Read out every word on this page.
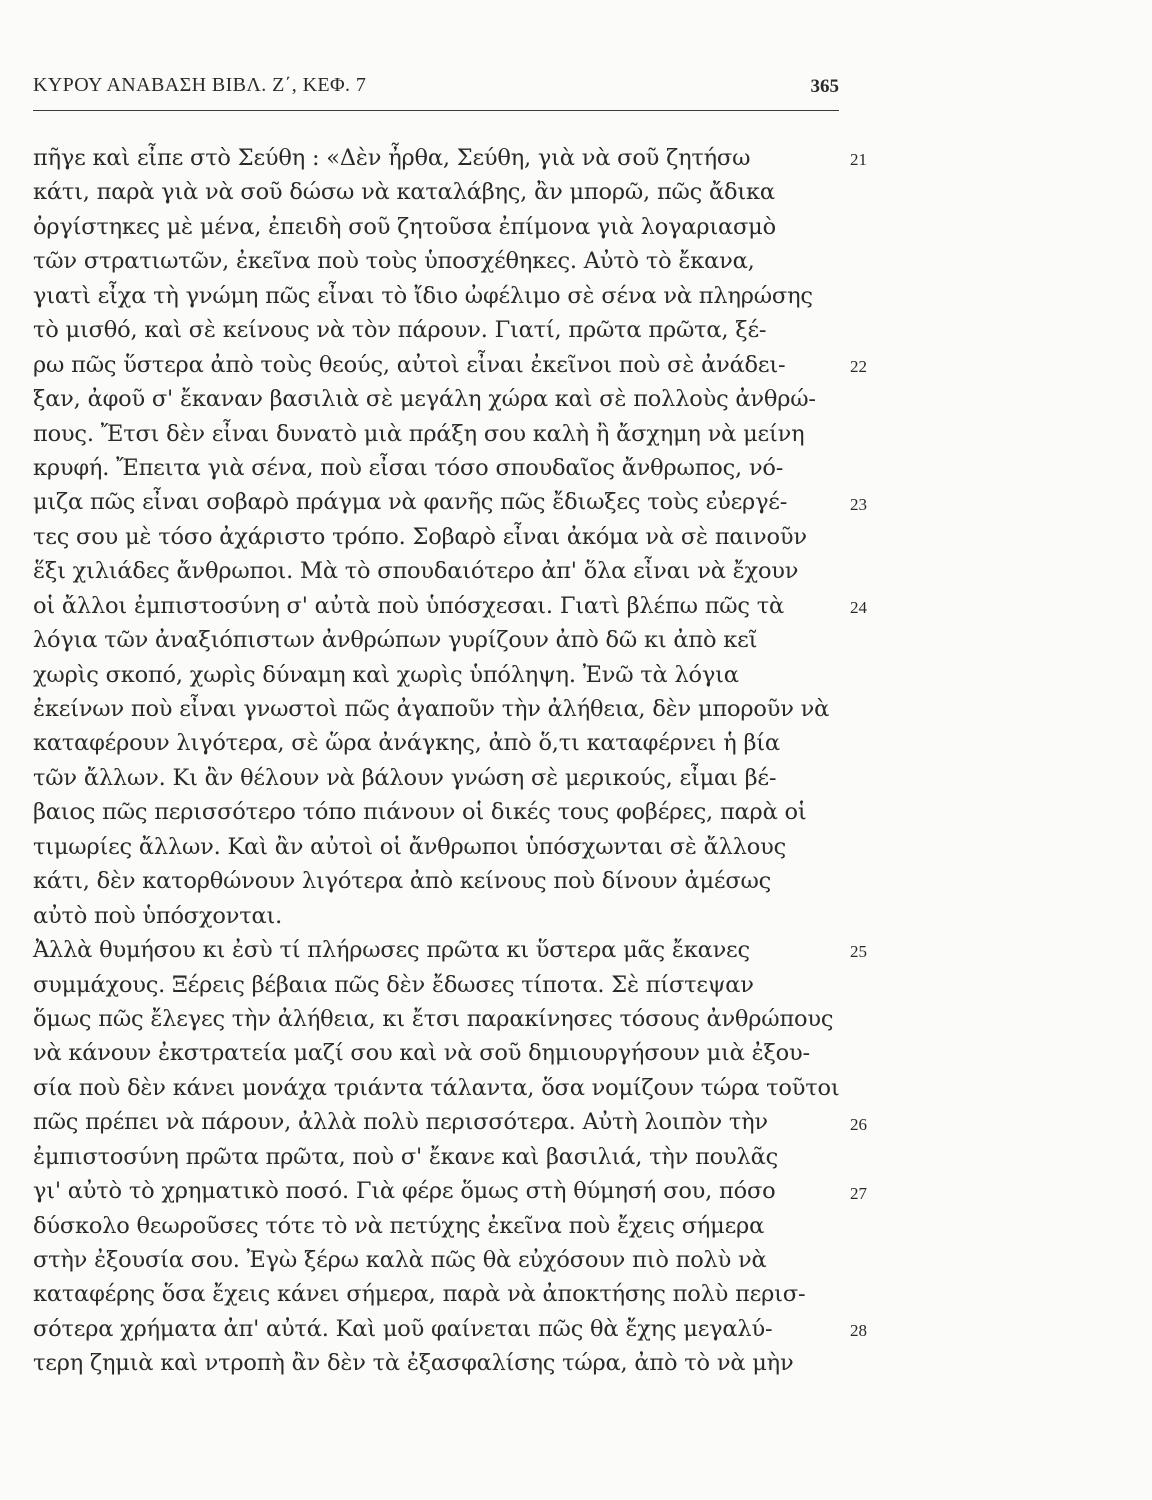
ΚΥΡΟΥ ΑΝΑΒΑΣΗ ΒΙΒΛ. Ζ΄, ΚΕΦ. 7	365
πῆγε καὶ εἶπε στὸ Σεύθη : «Δὲν ἦρθα, Σεύθη, γιὰ νὰ σοῦ ζητήσω
κάτι, παρὰ γιὰ νὰ σοῦ δώσω νὰ καταλάβης, ἂν μπορῶ, πῶς ἄδικα
ὀργίστηκες μὲ μένα, ἐπειδὴ σοῦ ζητοῦσα ἐπίμονα γιὰ λογαριασμὸ
τῶν στρατιωτῶν, ἐκεῖνα ποὺ τοὺς ὑποσχέθηκες. Αὐτὸ τὸ ἔκανα,
γιατὶ εἶχα τὴ γνώμη πῶς εἶναι τὸ ἴδιο ὠφέλιμο σὲ σένα νὰ πληρώσης
τὸ μισθό, καὶ σὲ κείνους νὰ τὸν πάρουν. Γιατί, πρῶτα πρῶτα, ξέ-
ρω πῶς ὕστερα ἀπὸ τοὺς θεούς, αὐτοὶ εἶναι ἐκεῖνοι ποὺ σὲ ἀνάδει-
ξαν, ἀφοῦ σ' ἔκαναν βασιλιὰ σὲ μεγάλη χώρα καὶ σὲ πολλοὺς ἀνθρώ-
πους. Ἔτσι δὲν εἶναι δυνατὸ μιὰ πράξη σου καλὴ ἢ ἄσχημη νὰ μείνη
κρυφή. Ἔπειτα γιὰ σένα, ποὺ εἶσαι τόσο σπουδαῖος ἄνθρωπος, νό-
μιζα πῶς εἶναι σοβαρὸ πράγμα νὰ φανῆς πῶς ἔδιωξες τοὺς εὐεργέ-
τες σου μὲ τόσο ἀχάριστο τρόπο. Σοβαρὸ εἶναι ἀκόμα νὰ σὲ παινοῦν
ἕξι χιλιάδες ἄνθρωποι. Μὰ τὸ σπουδαιότερο ἀπ' ὅλα εἶναι νὰ ἔχουν
οἱ ἄλλοι ἐμπιστοσύνη σ' αὐτὰ ποὺ ὑπόσχεσαι. Γιατὶ βλέπω πῶς τὰ
λόγια τῶν ἀναξιόπιστων ἀνθρώπων γυρίζουν ἀπὸ δῶ κι ἀπὸ κεῖ
χωρὶς σκοπό, χωρὶς δύναμη καὶ χωρὶς ὑπόληψη. Ἐνῶ τὰ λόγια
ἐκείνων ποὺ εἶναι γνωστοὶ πῶς ἀγαποῦν τὴν ἀλήθεια, δὲν μποροῦν νὰ
καταφέρουν λιγότερα, σὲ ὥρα ἀνάγκης, ἀπὸ ὅ,τι καταφέρνει ἡ βία
τῶν ἄλλων. Κι ἂν θέλουν νὰ βάλουν γνώση σὲ μερικούς, εἶμαι βέ-
βαιος πῶς περισσότερο τόπο πιάνουν οἱ δικές τους φοβέρες, παρὰ οἱ
τιμωρίες ἄλλων. Καὶ ἂν αὐτοὶ οἱ ἄνθρωποι ὑπόσχωνται σὲ ἄλλους
κάτι, δὲν κατορθώνουν λιγότερα ἀπὸ κείνους ποὺ δίνουν ἀμέσως
αὐτὸ ποὺ ὑπόσχονται.
Ἀλλὰ θυμήσου κι ἐσὺ τί πλήρωσες πρῶτα κι ὕστερα μᾶς ἔκανες
συμμάχους. Ξέρεις βέβαια πῶς δὲν ἔδωσες τίποτα. Σὲ πίστεψαν
ὅμως πῶς ἔλεγες τὴν ἀλήθεια, κι ἔτσι παρακίνησες τόσους ἀνθρώπους
νὰ κάνουν ἐκστρατεία μαζί σου καὶ νὰ σοῦ δημιουργήσουν μιὰ ἐξου-
σία ποὺ δὲν κάνει μονάχα τριάντα τάλαντα, ὅσα νομίζουν τώρα τοῦτοι
πῶς πρέπει νὰ πάρουν, ἀλλὰ πολὺ περισσότερα. Αὐτὴ λοιπὸν τὴν
ἐμπιστοσύνη πρῶτα πρῶτα, ποὺ σ' ἔκανε καὶ βασιλιά, τὴν πουλᾶς
γι' αὐτὸ τὸ χρηματικὸ ποσό. Γιὰ φέρε ὅμως στὴ θύμησή σου, πόσο
δύσκολο θεωροῦσες τότε τὸ νὰ πετύχης ἐκεῖνα ποὺ ἔχεις σήμερα
στὴν ἐξουσία σου. Ἐγὼ ξέρω καλὰ πῶς θὰ εὐχόσουν πιὸ πολὺ νὰ
καταφέρης ὅσα ἔχεις κάνει σήμερα, παρὰ νὰ ἀποκτήσης πολὺ περισ-
σότερα χρήματα ἀπ' αὐτά. Καὶ μοῦ φαίνεται πῶς θὰ ἔχης μεγαλύ-
τερη ζημιὰ καὶ ντροπὴ ἂν δὲν τὰ ἐξασφαλίσης τώρα, ἀπὸ τὸ νὰ μὴν
21
22
23
24
25
26
27
28
